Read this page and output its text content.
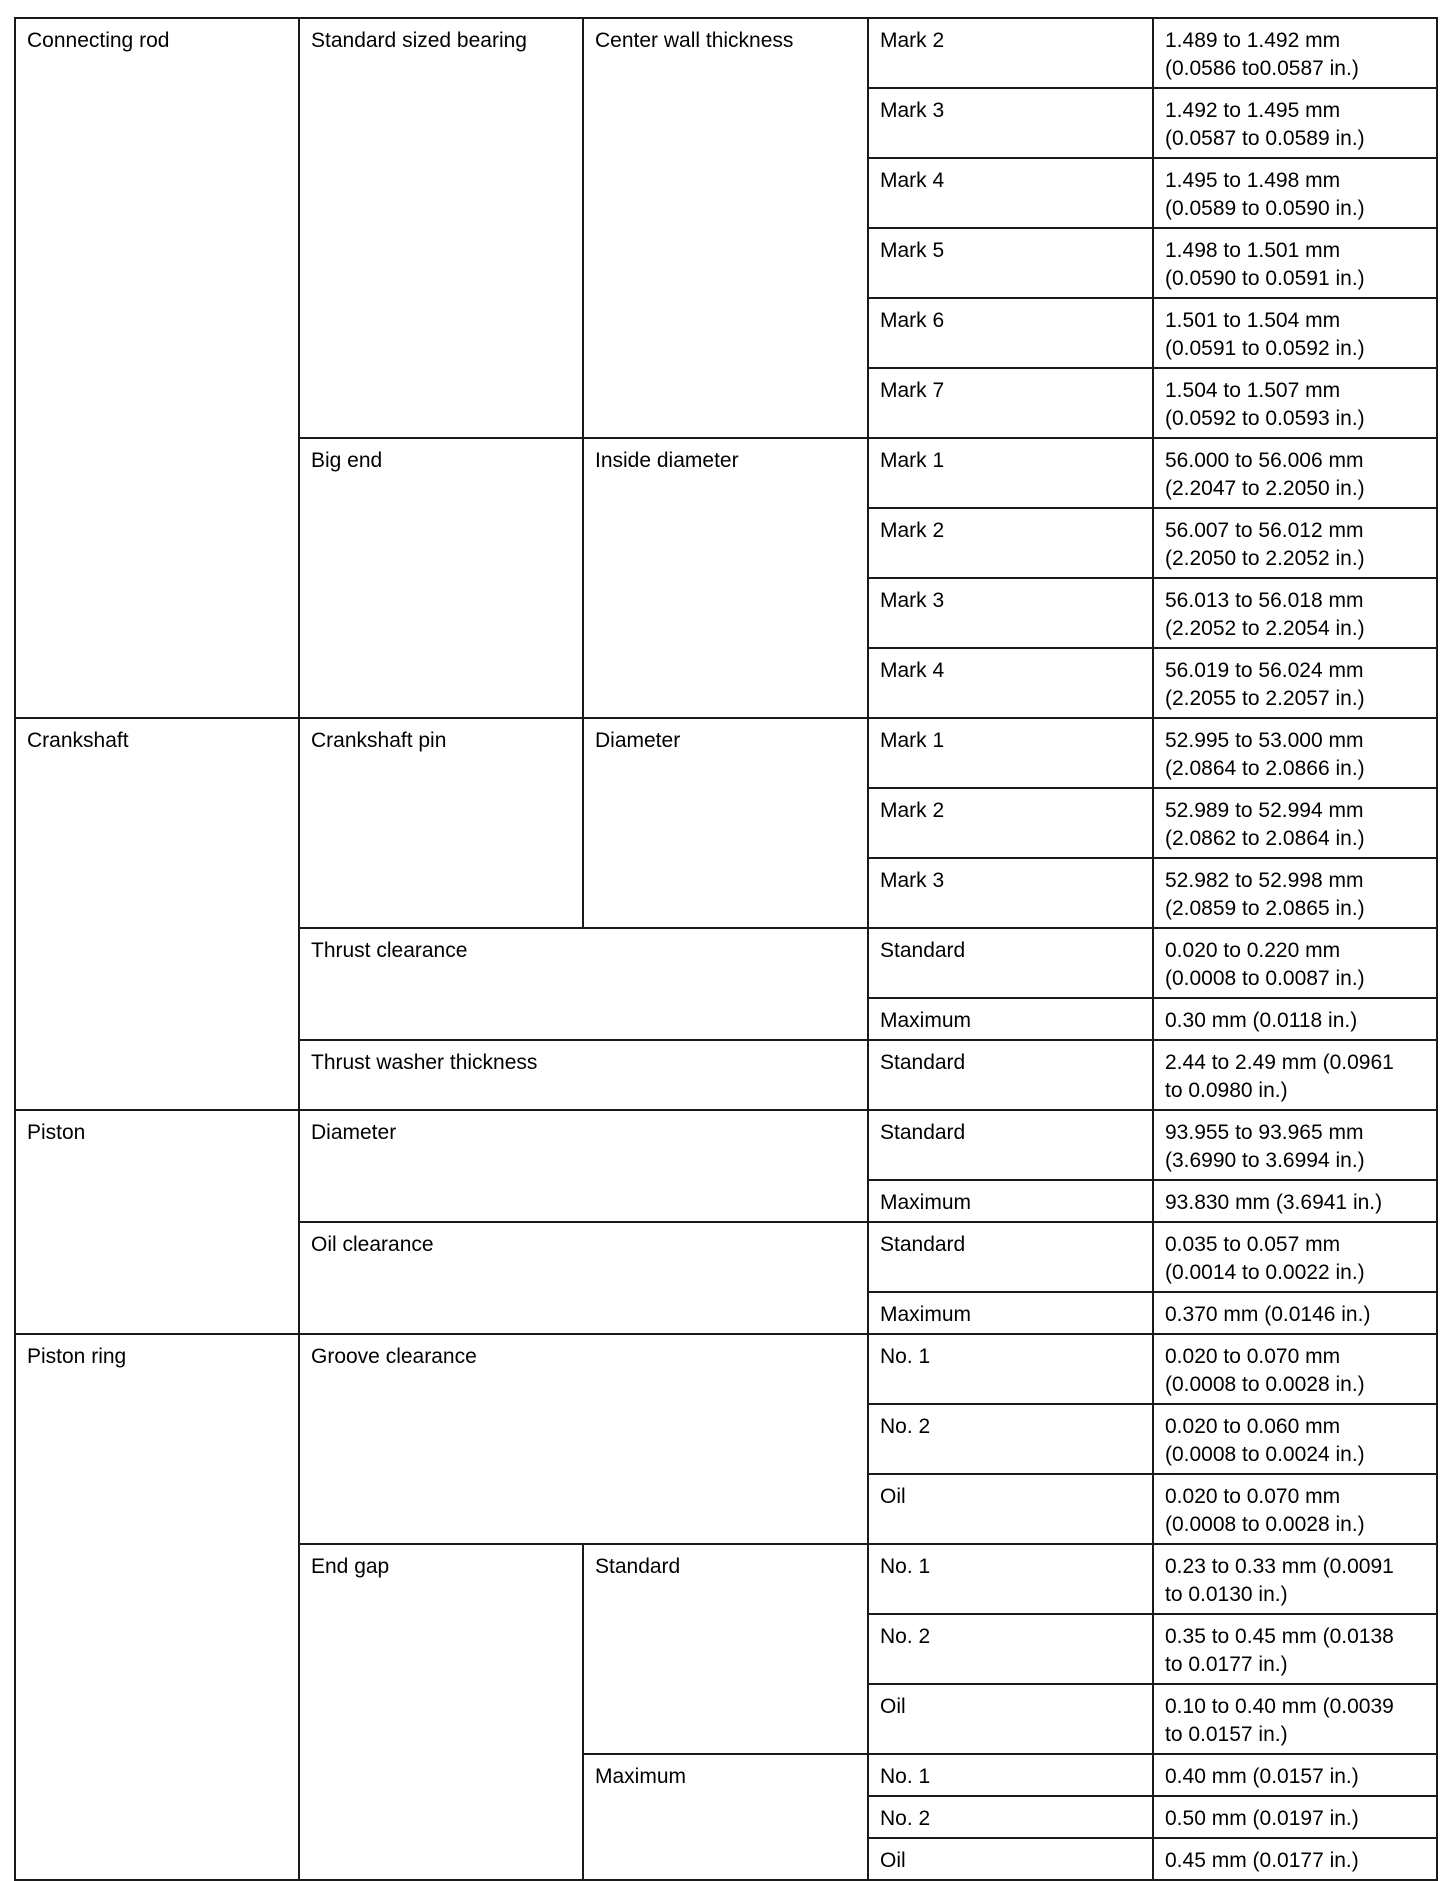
Connecting rod	Standard sized bearing	Center wall thickness	Mark 2	1.489 to 1.492 mm
(0.0586 to0.0587 in.)
			Mark 3	1.492 to 1.495 mm
(0.0587 to 0.0589 in.)
			Mark 4	1.495 to 1.498 mm
(0.0589 to 0.0590 in.)
			Mark 5	1.498 to 1.501 mm
(0.0590 to 0.0591 in.)
			Mark 6	1.501 to 1.504 mm
(0.0591 to 0.0592 in.)
			Mark 7	1.504 to 1.507 mm
(0.0592 to 0.0593 in.)
	Big end	Inside diameter	Mark 1	56.000 to 56.006 mm
(2.2047 to 2.2050 in.)
			Mark 2	56.007 to 56.012 mm
(2.2050 to 2.2052 in.)
			Mark 3	56.013 to 56.018 mm
(2.2052 to 2.2054 in.)
			Mark 4	56.019 to 56.024 mm
(2.2055 to 2.2057 in.)
Crankshaft	Crankshaft pin	Diameter	Mark 1	52.995 to 53.000 mm
(2.0864 to 2.0866 in.)
			Mark 2	52.989 to 52.994 mm
(2.0862 to 2.0864 in.)
			Mark 3	52.982 to 52.998 mm
(2.0859 to 2.0865 in.)
	Thrust clearance		Standard	0.020 to 0.220 mm
(0.0008 to 0.0087 in.)
			Maximum	0.30 mm (0.0118 in.)
	Thrust washer thickness		Standard	2.44 to 2.49 mm (0.0961
to 0.0980 in.)
Piston	Diameter		Standard	93.955 to 93.965 mm
(3.6990 to 3.6994 in.)
			Maximum	93.830 mm (3.6941 in.)
	Oil clearance		Standard	0.035 to 0.057 mm
(0.0014 to 0.0022 in.)
			Maximum	0.370 mm (0.0146 in.)
Piston ring	Groove clearance		No. 1	0.020 to 0.070 mm
(0.0008 to 0.0028 in.)
			No. 2	0.020 to 0.060 mm
(0.0008 to 0.0024 in.)
			Oil	0.020 to 0.070 mm
(0.0008 to 0.0028 in.)
	End gap	Standard	No. 1	0.23 to 0.33 mm (0.0091
to 0.0130 in.)
			No. 2	0.35 to 0.45 mm (0.0138
to 0.0177 in.)
			Oil	0.10 to 0.40 mm (0.0039
to 0.0157 in.)
		Maximum	No. 1	0.40 mm (0.0157 in.)
			No. 2	0.50 mm (0.0197 in.)
			Oil	0.45 mm (0.0177 in.)
